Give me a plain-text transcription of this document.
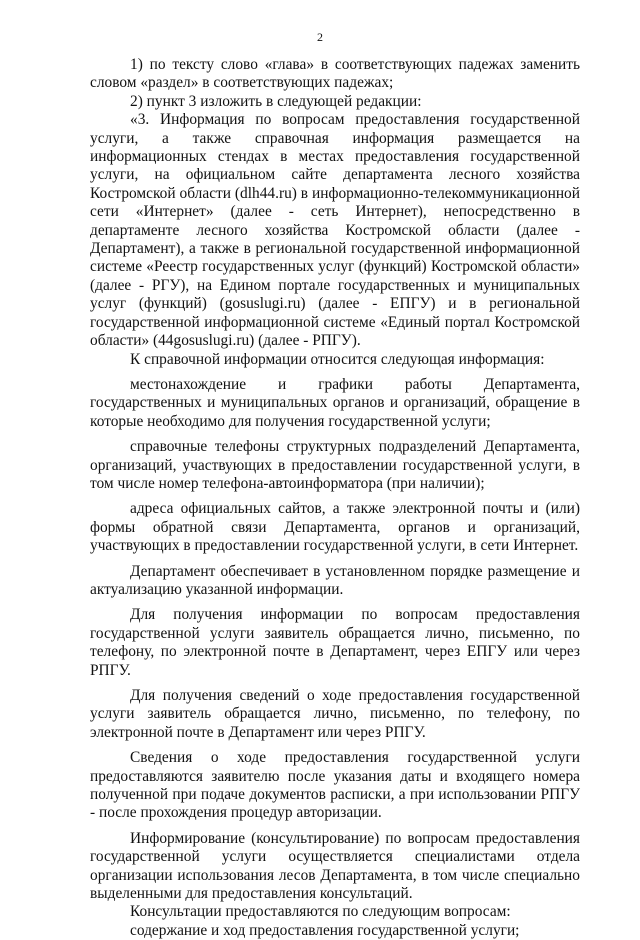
2

1) по тексту слово «глава» в соответствующих падежах заменить словом «раздел» в соответствующих падежах;

2) пункт 3 изложить в следующей редакции:

«3. Информация по вопросам предоставления государственной услуги, а также справочная информация размещается на информационных стендах в местах предоставления государственной услуги, на официальном сайте департамента лесного хозяйства Костромской области (dlh44.ru) в информационно-телекоммуникационной сети «Интернет» (далее - сеть Интернет), непосредственно в департаменте лесного хозяйства Костромской области (далее - Департамент), а также в региональной государственной информационной системе «Реестр государственных услуг (функций) Костромской области» (далее - РГУ), на Едином портале государственных и муниципальных услуг (функций) (gosuslugi.ru) (далее - ЕПГУ) и в региональной государственной информационной системе «Единый портал Костромской области» (44gosuslugi.ru) (далее - РПГУ).

К справочной информации относится следующая информация:

местонахождение и графики работы Департамента, государственных и муниципальных органов и организаций, обращение в которые необходимо для получения государственной услуги;

справочные телефоны структурных подразделений Департамента, организаций, участвующих в предоставлении государственной услуги, в том числе номер телефона-автоинформатора (при наличии);

адреса официальных сайтов, а также электронной почты и (или) формы обратной связи Департамента, органов и организаций, участвующих в предоставлении государственной услуги, в сети Интернет.

Департамент обеспечивает в установленном порядке размещение и актуализацию указанной информации.

Для получения информации по вопросам предоставления государственной услуги заявитель обращается лично, письменно, по телефону, по электронной почте в Департамент, через ЕПГУ или через РПГУ.

Для получения сведений о ходе предоставления государственной услуги заявитель обращается лично, письменно, по телефону, по электронной почте в Департамент или через РПГУ.

Сведения о ходе предоставления государственной услуги предоставляются заявителю после указания даты и входящего номера полученной при подаче документов расписки, а при использовании РПГУ - после прохождения процедур авторизации.

Информирование (консультирование) по вопросам предоставления государственной услуги осуществляется специалистами отдела организации использования лесов Департамента, в том числе специально выделенными для предоставления консультаций.

Консультации предоставляются по следующим вопросам:

содержание и ход предоставления государственной услуги;
